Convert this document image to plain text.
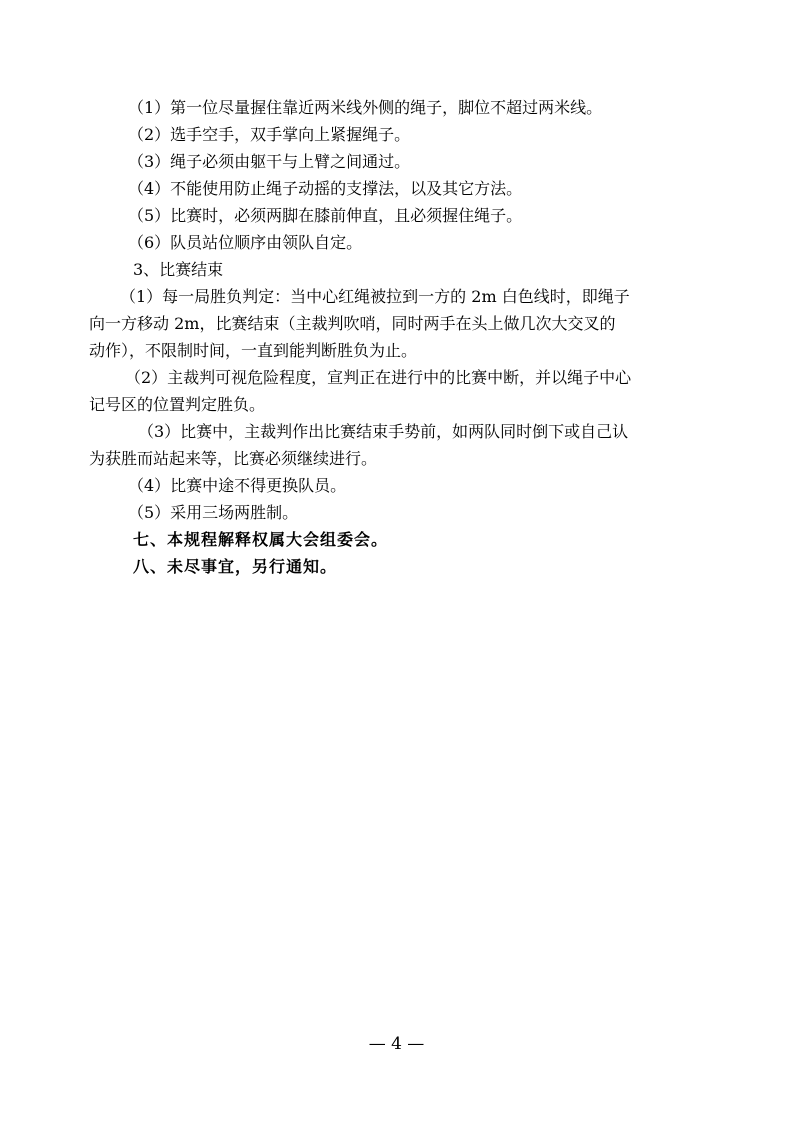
（1）第一位尽量握住靠近两米线外侧的绳子，脚位不超过两米线。
（2）选手空手，双手掌向上紧握绳子。
（3）绳子必须由躯干与上臂之间通过。
（4）不能使用防止绳子动摇的支撑法，以及其它方法。
（5）比赛时，必须两脚在膝前伸直，且必须握住绳子。
（6）队员站位顺序由领队自定。
3、比赛结束
（1）每一局胜负判定：当中心红绳被拉到一方的 2m 白色线时，即绳子
向一方移动 2m，比赛结束（主裁判吹哨，同时两手在头上做几次大交叉的
动作），不限制时间，一直到能判断胜负为止。
（2）主裁判可视危险程度，宣判正在进行中的比赛中断，并以绳子中心
记号区的位置判定胜负。
（3）比赛中，主裁判作出比赛结束手势前，如两队同时倒下或自己认
为获胜而站起来等，比赛必须继续进行。
（4）比赛中途不得更换队员。
（5）采用三场两胜制。
七、本规程解释权属大会组委会。
八、未尽事宜，另行通知。
— 4 —
